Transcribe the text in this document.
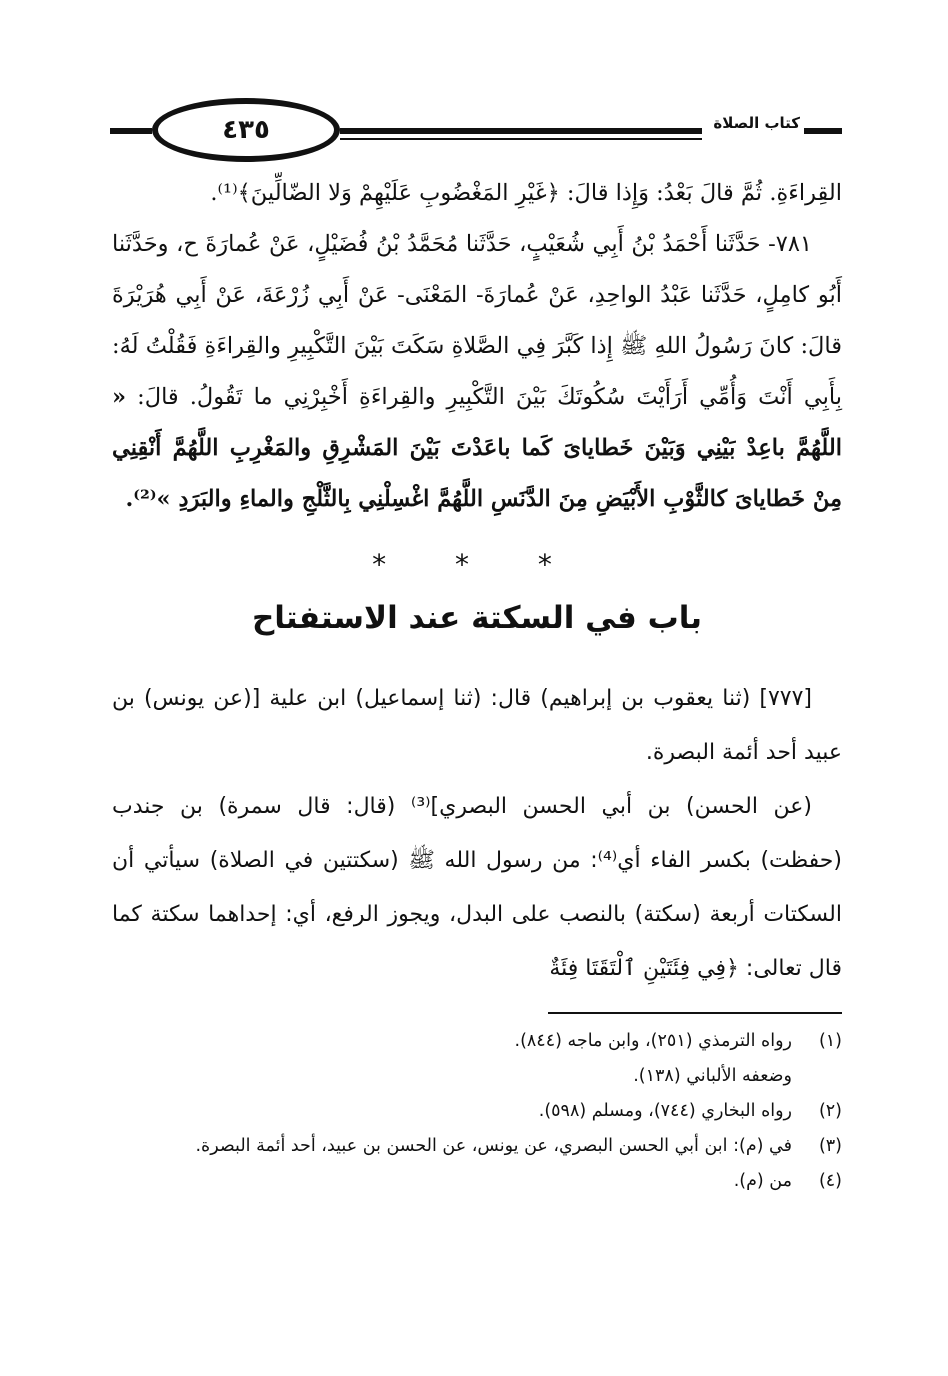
كتاب الصلاة
٤٣٥

القِراءَةِ. ثُمَّ قالَ بَعْدُ: وَإِذا قالَ: ﴿غَيْرِ المَغْضُوبِ عَلَيْهِمْ وَلا الضّالِّينَ﴾⁽¹⁾.

٧٨١- حَدَّثَنا أَحْمَدُ بْنُ أَبِي شُعَيْبٍ، حَدَّثَنا مُحَمَّدُ بْنُ فُضَيْلٍ، عَنْ عُمارَةَ ح، وحَدَّثَنا أَبُو كامِلٍ، حَدَّثَنا عَبْدُ الواحِدِ، عَنْ عُمارَةَ- المَعْنَى- عَنْ أَبِي زُرْعَةَ، عَنْ أَبِي هُرَيْرَةَ قالَ: كانَ رَسُولُ اللهِ ﷺ إِذا كَبَّرَ فِي الصَّلاةِ سَكَتَ بَيْنَ التَّكْبِيرِ والقِراءَةِ فَقُلْتُ لَهُ: بِأَبِي أَنْتَ وَأُمِّي أَرَأَيْتَ سُكُوتَكَ بَيْنَ التَّكْبِيرِ والقِراءَةِ أَخْبِرْنِي ما تَقُولُ. قالَ: « اللَّهُمَّ باعِدْ بَيْنِي وَبَيْنَ خَطاياىَ كَما باعَدْتَ بَيْنَ المَشْرِقِ والمَغْرِبِ اللَّهُمَّ أَنْقِنِي مِنْ خَطاياىَ كالثَّوْبِ الأَبْيَضِ مِنَ الدَّنَسِ اللَّهُمَّ اغْسِلْنِي بِالثَّلْجِ والماءِ والبَرَدِ »⁽²⁾.

* * *
باب في السكتة عند الاستفتاح

[٧٧٧] (ثنا يعقوب بن إبراهيم) قال: (ثنا إسماعيل) ابن علية [(عن يونس) بن عبيد أحد أئمة البصرة.

(عن الحسن) بن أبي الحسن البصري]⁽³⁾ (قال: قال سمرة) بن جندب (حفظت) بكسر الفاء أي⁽⁴⁾: من رسول الله ﷺ (سكتتين في الصلاة) سيأتي أن السكتات أربعة (سكتة) بالنصب على البدل، ويجوز الرفع، أي: إحداهما سكتة كما قال تعالى: ﴿فِي فِئَتَيْنِ ٱلْتَقَتَا فِئَةٌ

(١)
رواه الترمذي (٢٥١)، وابن ماجه (٨٤٤).
وضعفه الألباني (١٣٨).
(٢)
رواه البخاري (٧٤٤)، ومسلم (٥٩٨).
(٣)
في (م): ابن أبي الحسن البصري، عن يونس، عن الحسن بن عبيد، أحد أئمة البصرة.
(٤)
من (م).
